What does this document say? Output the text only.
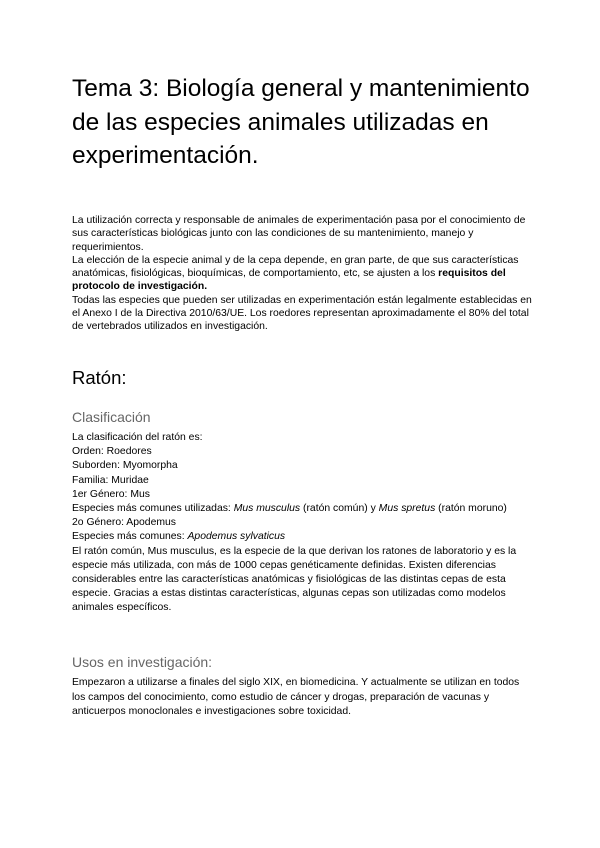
Tema 3: Biología general y mantenimiento de las especies animales utilizadas en experimentación.

La utilización correcta y responsable de animales de experimentación pasa por el conocimiento de sus características biológicas junto con las condiciones de su mantenimiento, manejo y requerimientos.

La elección de la especie animal y de la cepa depende, en gran parte, de que sus características anatómicas, fisiológicas, bioquímicas, de comportamiento, etc, se ajusten a los requisitos del protocolo de investigación.

Todas las especies que pueden ser utilizadas en experimentación están legalmente establecidas en el Anexo I de la Directiva 2010/63/UE. Los roedores representan aproximadamente el 80% del total de vertebrados utilizados en investigación.

Ratón:
Clasificación

La clasificación del ratón es:

Orden: Roedores

Suborden: Myomorpha

Familia: Muridae

1er Género: Mus

Especies más comunes utilizadas: Mus musculus (ratón común) y Mus spretus (ratón moruno)

2o Género: Apodemus

Especies más comunes: Apodemus sylvaticus

El ratón común, Mus musculus, es la especie de la que derivan los ratones de laboratorio y es la especie más utilizada, con más de 1000 cepas genéticamente definidas. Existen diferencias considerables entre las características anatómicas y fisiológicas de las distintas cepas de esta especie. Gracias a estas distintas características, algunas cepas son utilizadas como modelos animales específicos.

Usos en investigación:

Empezaron a utilizarse a finales del siglo XIX, en biomedicina. Y actualmente se utilizan en todos los campos del conocimiento, como estudio de cáncer y drogas, preparación de vacunas y anticuerpos monoclonales e investigaciones sobre toxicidad.
